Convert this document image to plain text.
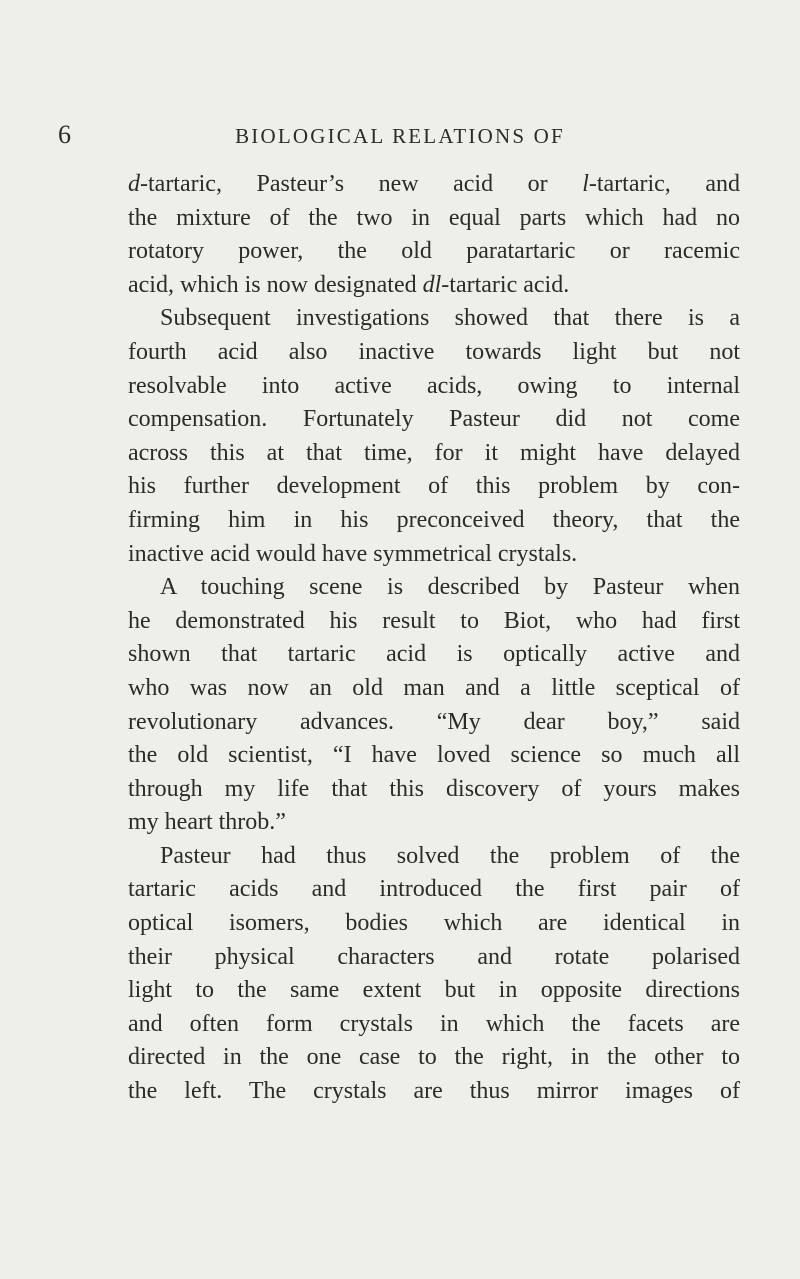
6	BIOLOGICAL RELATIONS OF
d-tartaric, Pasteur’s new acid or l-tartaric, and
the mixture of the two in equal parts which had no
rotatory power, the old paratartaric or racemic
acid, which is now designated dl-tartaric acid.
Subsequent investigations showed that there is a
fourth acid also inactive towards light but not
resolvable into active acids, owing to internal
compensation. Fortunately Pasteur did not come
across this at that time, for it might have delayed
his further development of this problem by con-
firming him in his preconceived theory, that the
inactive acid would have symmetrical crystals.
A touching scene is described by Pasteur when
he demonstrated his result to Biot, who had first
shown that tartaric acid is optically active and
who was now an old man and a little sceptical of
revolutionary advances. “My dear boy,” said
the old scientist, “I have loved science so much all
through my life that this discovery of yours makes
my heart throb.”
Pasteur had thus solved the problem of the
tartaric acids and introduced the first pair of
optical isomers, bodies which are identical in
their physical characters and rotate polarised
light to the same extent but in opposite directions
and often form crystals in which the facets are
directed in the one case to the right, in the other to
the left. The crystals are thus mirror images of
